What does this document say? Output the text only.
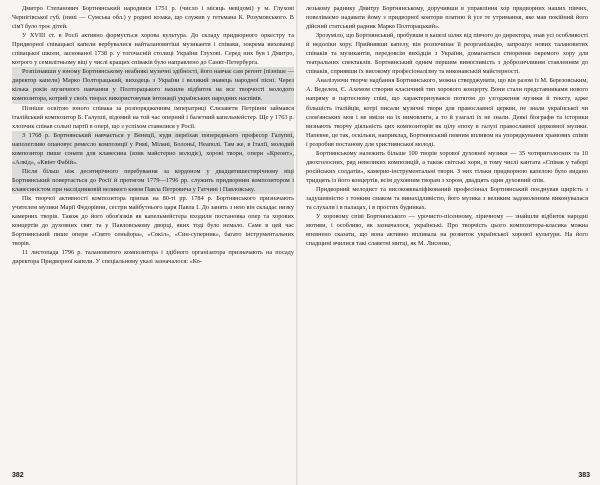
Дмитро Степанович Бортнянський народився 1751 р. (число і місяць невідомі) у м. Глухові Чернігівської губ. (нині — Сумська обл.) у родині козака, що служив у гетьмана К. Розумовського. В сім'ї було троє дітей.

У XVIII ст. в Росії активно формується хорова культура. До складу придворного оркестру та Придворної співацької капели вербувалися найталановитіші музиканти і співаки, зокрема вихованці співацької школи, заснованої 1738 р. у тогочасній столиці України Глухові. Серед них був і Дмитро, котрого у семилітньому віці у числі кращих співаків було направлено до Санкт-Петербурга.

Розпізнавши у юному Бортнянському неабиякі музичні здібності, його навчає сам регент (пізніше — директор капели) Марко Полторацький, виходець з України і великий знавець народної пісні. Через кілька років музичного навчання у Полторацького нахили відбиток на все творчості молодого композитора, котрий у своїх творах використовував інтонації українських народних наспівів.

Пізніше освітою юного співака за розпорядженням імператриці Єлизавети Петрівни займався італійський композитор Б. Галуппі, відомий на той час оперний і балетний капельмейстер. Ще у 1763 р. хлопчик співав сольні партії в опері, що з успіхом ставилися у Росії.

З 1768 р. Бортнянський навчається у Венеції, куди переїхав попереднього професор Галуппі, наполегливо опановує ремесло композиції у Римі, Мілані, Болоньї, Неаполі. Там же, в Італії, молодий композитор пише сонати для клавесина (язик майстерно володіє), хорові твори, опери «Креонт», «Алкід», «Квінт Фабій».

Після більш ніж десятирічного перебування за кордоном у двадцятишестирічному віці Бортнянський повертається до Росії й протягом 1779—1796 рр. служить придворним композитором і клавесиністом при наслідниковій великого князя Павла Петровича у Гатчині і Павловську.

Пік творчої активності композитора припав на 80-ті рр. 1784 р. Бортнянського призначають учителем музики Марії Федорівни, сестри майбутнього царя Павла І. До занять з нею він складає низку камерних творів. Також до його обов'язків як капельмейстера входили постановка опер та хорових концертів до духовних свят та у Павловському дворці, яких тоді було немало. Саме в цей час Бортнянський пише опери «Свято сеньйора», «Сокіл», «Син-суперник», багато інструментальних творів.

11 листопада 1796 р. талановитого композитора і здібного організатора призначають на посаду директора Придворної капели. У спеціальному указі зазначалося: «Ко-

лезькому раднику Дмитру Бортнянському, доручивши в управління хор придворних наших півчих, повеліваємо надавати йому з придворної контори платню й усе те утримання, яке мав покійний його дійсний статський радник Марко Полторацький».

Зрозуміло, що Бортнянський, пробувши в капелі шлях від півчого до директора, знав усі особливості й недоліки хору. Прийнявши капелу, він розпочинає її реорганізацію, запрошує нових талановитих співаків та музикантів, передовсім вихідців з України, домагається створення окремого хору для театральних спектаклів. Бортнянський одним першим вимогливість з доброзичливим ставленням до співаків, сприявши їх високому професіоналізму та виконавській майстерності.

Аналізуючи творче надбання Бортнянського, можна стверджувати, що він разом із М. Березовським, А. Веделем, Є. Ахемом створив класичний тип хорового концерту. Вони стали представниками нового напряму в партесному співі, що характеризувався потягом до узгодження музики й тексту, адже більшість італійців, котрі писали музичні твори для православної церкви, не знали української чи слов'янських мов і не вміли на їх вимовляти, а то й узагалі їх не знали. Деякі біографи та історики визнають творчу діяльність цих композиторів як цілу епоху в галузі православної церковної музики. Напевне, це так, оскільки, наприклад, Бортнянський певним впливом на упорядкування храмових співів і розробив постанову для християнської молоді.

Бортнянському належить більше 100 творів хорової духовної музики — 35 чотириголосних та 10 двохголосних, ряд невеликих композицій, а також світські хори, в тому числі кантата «Співак у таборі російських солдатів», камерно-інструментальні твори. З них тільки придворною капелою було видано тридцять із його концертів, всім духовним творам з хором, двадцять один духовний спів.

Придворний мелодист та високоякваліфікований професіонал Бортнянський поєднував щирість з задушевністю з тонким смаком та винахідливістю, його музика з великим задоволенням виконувалася та слухали і в палацах, і в простих будинках.

У хоровому співі Бортнянського — урочисто-пісенному, ліричному — знайшли відбиток народні мотиви, і особливо, як зазначалося, українські. Про творчість цього композитора-класика можна впевнено сказати, що вона активно впливала на розвиток української хорової культури. На його спадщині вчилися такі славетні митці, як М. Лисенко,

382	383
